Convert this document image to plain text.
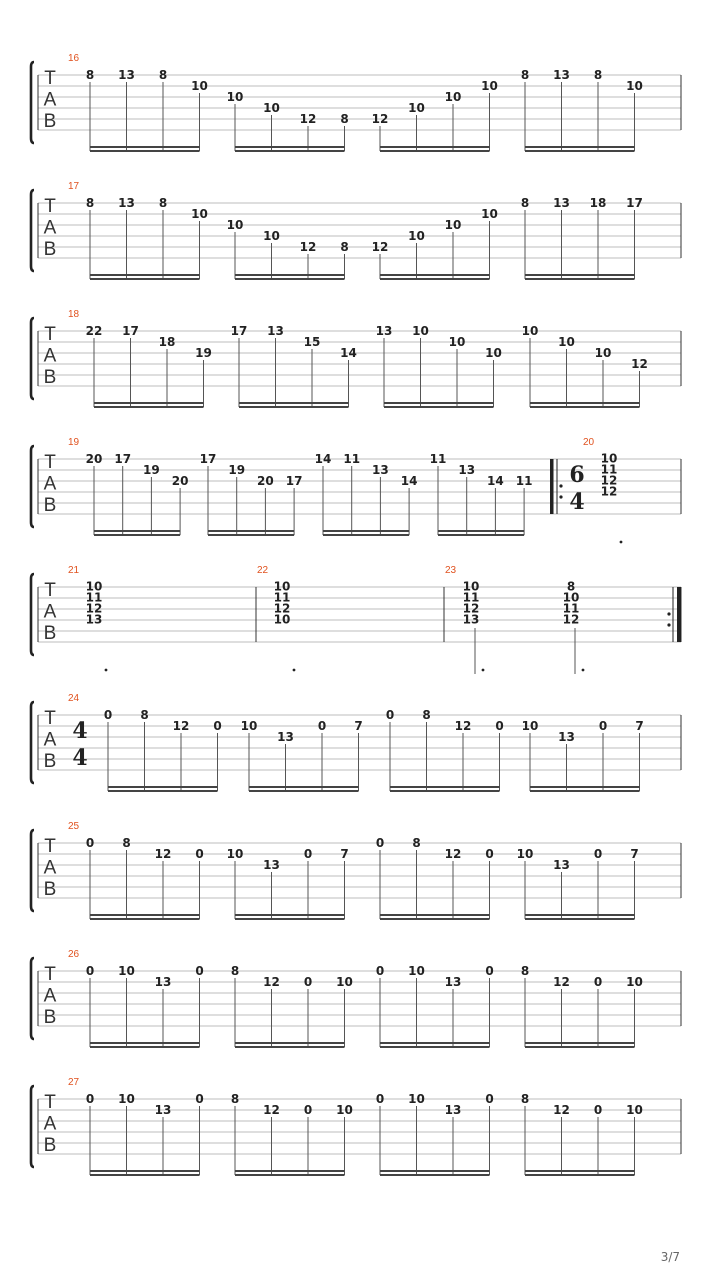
T
A
B
16
8 13 8
10
10
10
12 8 12
10
10
10
8 13 8
10
T
A
B
17
8 13 8
10
10
10
12 8 12
10
10
10
8 13 18 17
T
A
B
18
22 17
18
19
17 13
15
14
13 10
10
10
10
10
10
12
T
A
B
19
20 17
19
20
17
19
20 17
14 11
13
14
11
13
14 11
20
6
4
10
11
12
12
T
A
B
21	22	23
10
11
12
13
10
11
12
10
10
11
12
13
8
10
11
12
T
A
B
24
4
4
0 8
12 0 10
13
0 7
0 8
12 0 10
13
0 7
T
A
B
25
0 8
12 0 10
13
0 7
0 8
12 0 10
13
0 7
T
A
B
26
0 10
13
0 8
12 0 10
0 10
13
0 8
12 0 10
T
A
B
27
0 10
13
0 8
12 0 10
0 10
13
0 8
12 0 10
3/7
